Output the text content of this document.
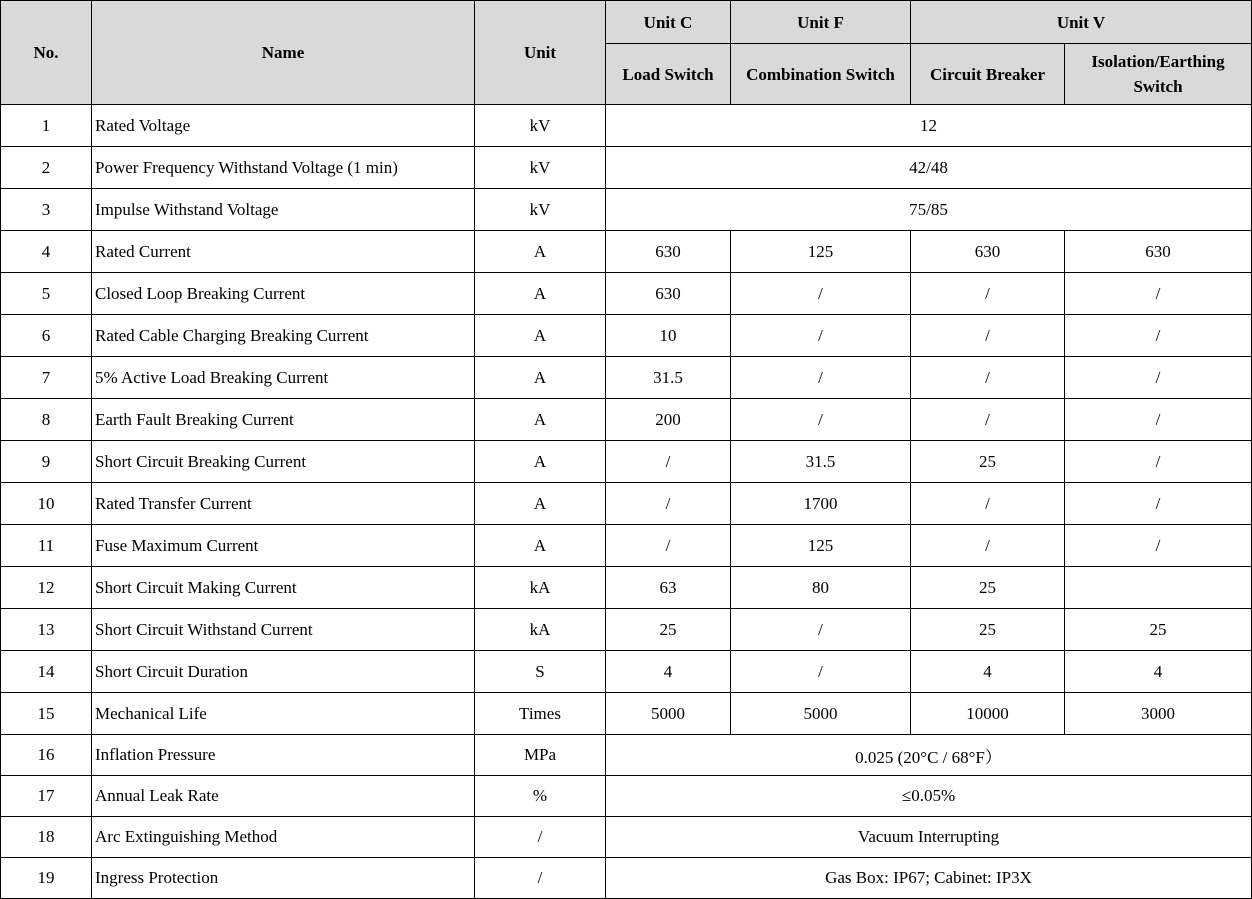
No.	Name	Unit	Unit C	Unit F	Unit V	
			Load Switch	Combination Switch	Circuit Breaker	Isolation/Earthing Switch
1	Rated Voltage	kV	12			
2	Power Frequency Withstand Voltage (1 min)	kV	42/48			
3	Impulse Withstand Voltage	kV	75/85			
4	Rated Current	A	630	125	630	630
5	Closed Loop Breaking Current	A	630	/	/	/
6	Rated Cable Charging Breaking Current	A	10	/	/	/
7	5% Active Load Breaking Current	A	31.5	/	/	/
8	Earth Fault Breaking Current	A	200	/	/	/
9	Short Circuit Breaking Current	A	/	31.5	25	/
10	Rated Transfer Current	A	/	1700	/	/
11	Fuse Maximum Current	A	/	125	/	/
12	Short Circuit Making Current	kA	63	80	25	
13	Short Circuit Withstand Current	kA	25	/	25	25
14	Short Circuit Duration	S	4	/	4	4
15	Mechanical Life	Times	5000	5000	10000	3000
16	Inflation Pressure	MPa	0.025 (20°C / 68°F）			
17	Annual Leak Rate	%	≤0.05%			
18	Arc Extinguishing Method	/	Vacuum Interrupting			
19	Ingress Protection	/	Gas Box: IP67; Cabinet: IP3X			
